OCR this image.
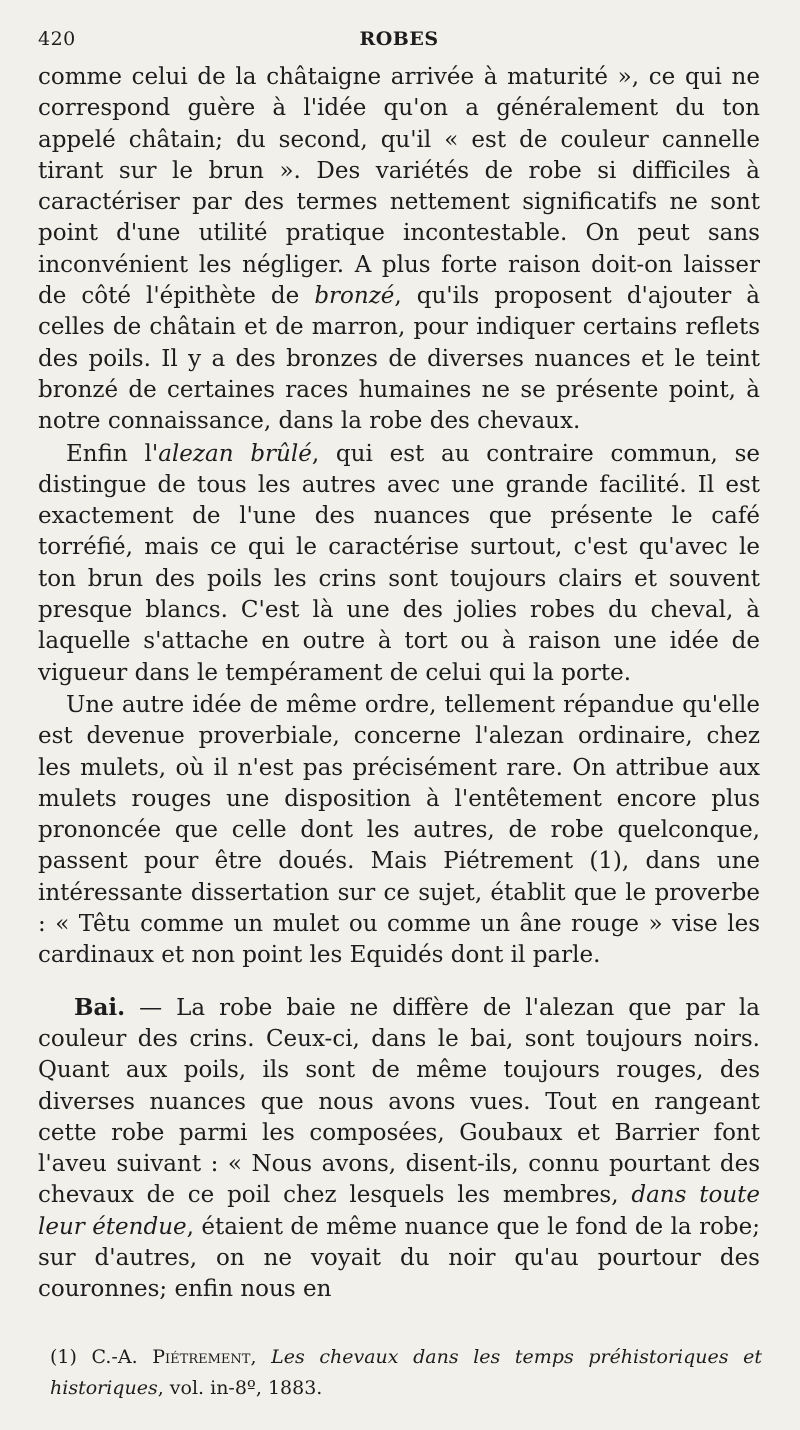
420	ROBES

comme celui de la châtaigne arrivée à maturité », ce qui ne correspond guère à l'idée qu'on a généralement du ton appelé châtain; du second, qu'il « est de couleur cannelle tirant sur le brun ». Des variétés de robe si difficiles à caractériser par des termes nettement significatifs ne sont point d'une utilité pratique incontestable. On peut sans inconvénient les négliger. A plus forte raison doit-on laisser de côté l'épithète de bronzé, qu'ils proposent d'ajouter à celles de châtain et de marron, pour indiquer certains reflets des poils. Il y a des bronzes de diverses nuances et le teint bronzé de certaines races humaines ne se présente point, à notre connaissance, dans la robe des chevaux.

Enfin l'alezan brûlé, qui est au contraire commun, se distingue de tous les autres avec une grande facilité. Il est exactement de l'une des nuances que présente le café torréfié, mais ce qui le caractérise surtout, c'est qu'avec le ton brun des poils les crins sont toujours clairs et souvent presque blancs. C'est là une des jolies robes du cheval, à laquelle s'attache en outre à tort ou à raison une idée de vigueur dans le tempérament de celui qui la porte.

Une autre idée de même ordre, tellement répandue qu'elle est devenue proverbiale, concerne l'alezan ordinaire, chez les mulets, où il n'est pas précisément rare. On attribue aux mulets rouges une disposition à l'entêtement encore plus prononcée que celle dont les autres, de robe quelconque, passent pour être doués. Mais Piétrement (1), dans une intéressante dissertation sur ce sujet, établit que le proverbe : « Têtu comme un mulet ou comme un âne rouge » vise les cardinaux et non point les Equidés dont il parle.

Bai. — La robe baie ne diffère de l'alezan que par la couleur des crins. Ceux-ci, dans le bai, sont toujours noirs. Quant aux poils, ils sont de même toujours rouges, des diverses nuances que nous avons vues. Tout en rangeant cette robe parmi les composées, Goubaux et Barrier font l'aveu suivant : « Nous avons, disent-ils, connu pourtant des chevaux de ce poil chez lesquels les membres, dans toute leur étendue, étaient de même nuance que le fond de la robe; sur d'autres, on ne voyait du noir qu'au pourtour des couronnes; enfin nous en

(1) C.-A. Piétrement, Les chevaux dans les temps préhistoriques et historiques, vol. in-8º, 1883.
